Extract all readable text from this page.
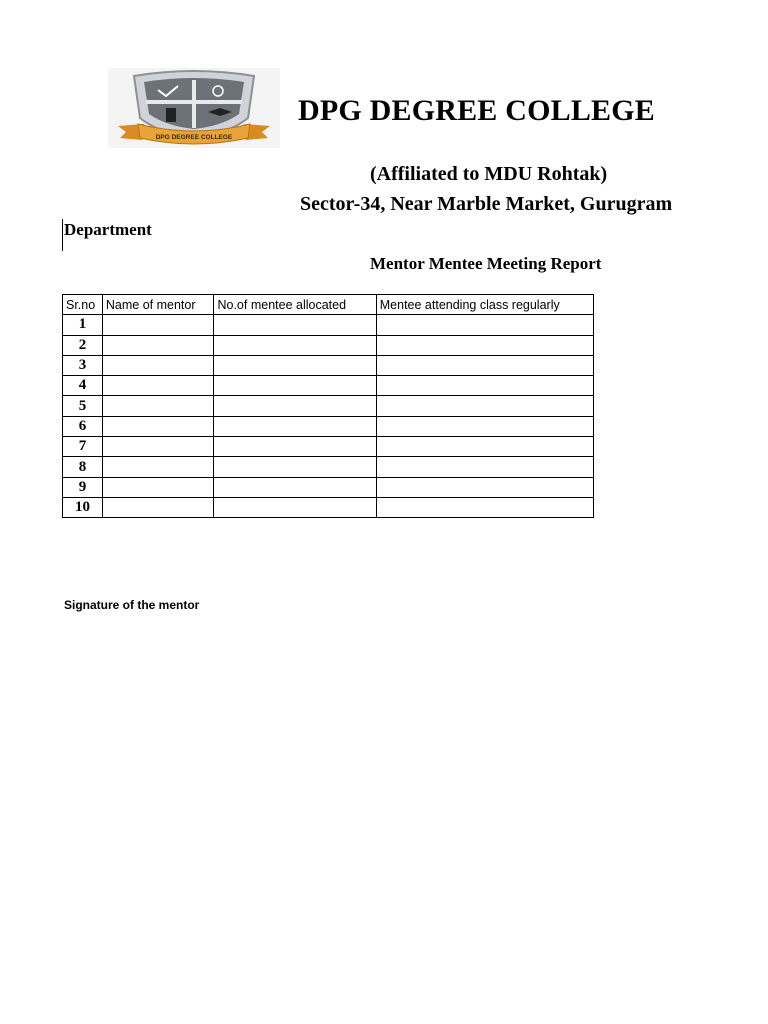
DPG DEGREE COLLEGE
DPG DEGREE COLLEGE
(Affiliated to MDU Rohtak)
Sector-34, Near Marble Market, Gurugram
Department
Mentor Mentee Meeting Report
Sr.no	Name of mentor	No.of mentee allocated	Mentee attending class regularly
1			
2			
3			
4			
5			
6			
7			
8			
9			
10			
Signature of the mentor
